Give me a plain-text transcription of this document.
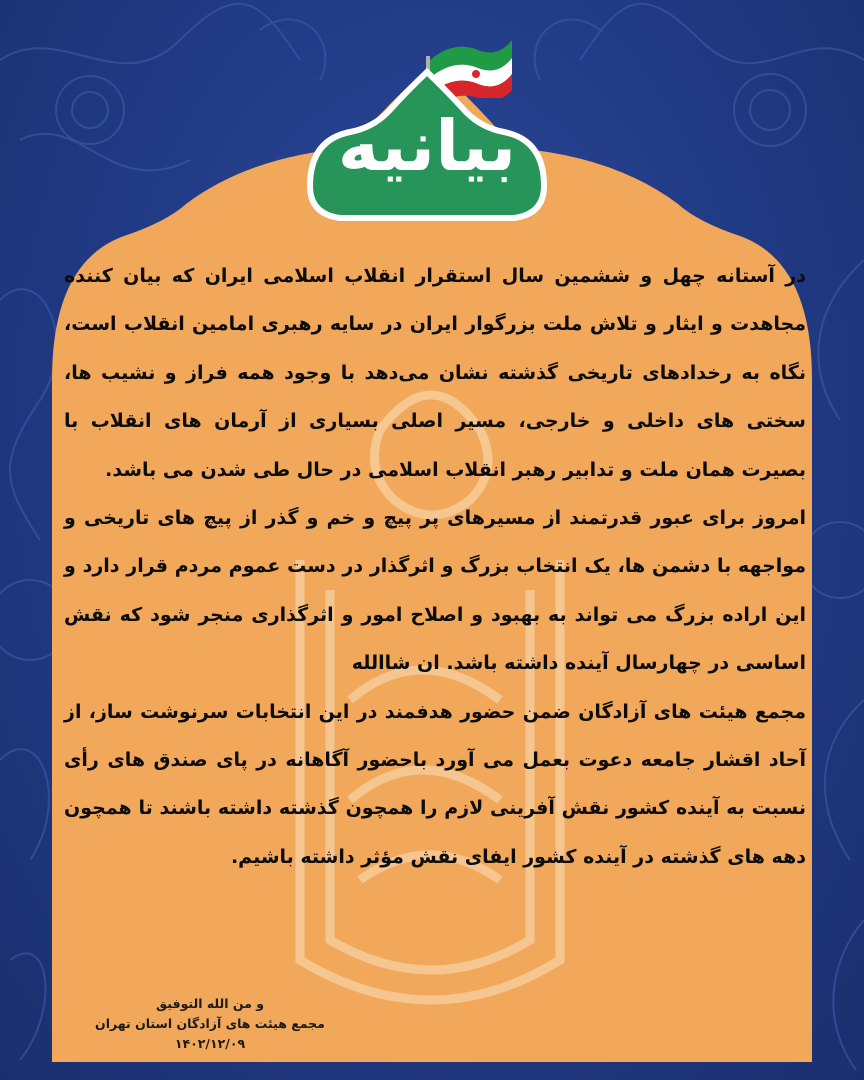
بیانیه

در آستانه چهل و ششمین سال استقرار انقلاب اسلامی ایران که بیان کننده مجاهدت و ایثار و تلاش ملت بزرگوار ایران در سایه رهبری امامین انقلاب است، نگاه به رخدادهای تاریخی گذشته نشان می‌دهد با وجود همه فراز و نشیب ها، سختی های داخلی و خارجی، مسیر اصلی بسیاری از آرمان های انقلاب با بصیرت همان ملت و تدابیر رهبر انقلاب اسلامی در حال طی شدن می باشد.

امروز برای عبور قدرتمند از مسیرهای پر پیچ و خم و گذر از پیچ های تاریخی و مواجهه با دشمن ها، یک انتخاب بزرگ و اثرگذار در دست عموم مردم قرار دارد و این اراده بزرگ می تواند به بهبود و اصلاح امور و اثرگذاری منجر شود که نقش اساسی در چهارسال آینده داشته باشد. ان شاالله

مجمع هیئت های آزادگان ضمن حضور هدفمند در این انتخابات سرنوشت ساز، از آحاد اقشار جامعه دعوت بعمل می آورد باحضور آگاهانه در پای صندق های رأی نسبت به آینده کشور نقش آفرینی لازم را همچون گذشته داشته باشند تا همچون دهه های گذشته در آینده کشور ایفای نقش مؤثر داشته باشیم.

و من الله التوفیق
مجمع هیئت های آزادگان استان تهران
۱۴۰۲/۱۲/۰۹
